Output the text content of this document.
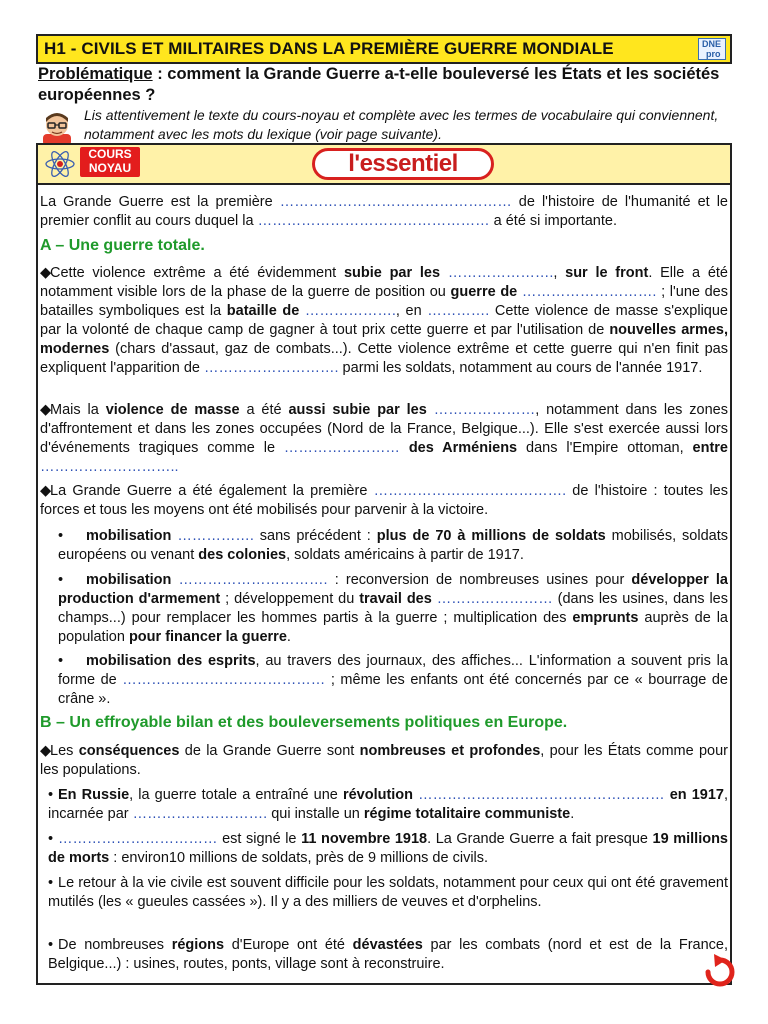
H1 - CIVILS ET MILITAIRES DANS LA PREMIÈRE GUERRE MONDIALE	DNE
pro
Problématique : comment la Grande Guerre a-t-elle bouleversé les États et les sociétés européennes ?
Lis attentivement le texte du cours-noyau et complète avec les termes de vocabulaire qui conviennent, notamment avec les mots du lexique (voir page suivante).
COURS
NOYAU	l'essentiel
La Grande Guerre est la première ………………………………………… de l'histoire de l'humanité et le premier conflit au cours duquel la ………………………………………… a été si importante.
A – Une guerre totale.
◆Cette violence extrême a été évidemment subie par les …………………., sur le front. Elle a été notamment visible lors de la phase de la guerre de position ou guerre de ………………………. ; l'une des batailles symboliques est la bataille de ………………., en …………. Cette violence de masse s'explique par la volonté de chaque camp de gagner à tout prix cette guerre et par l'utilisation de nouvelles armes, modernes (chars d'assaut, gaz de combats...). Cette violence extrême et cette guerre qui n'en finit pas expliquent l'apparition de ………………………. parmi les soldats, notamment au cours de l'année 1917.
◆Mais la violence de masse a été aussi subie par les …………………, notamment dans les zones d'affrontement et dans les zones occupées (Nord de la France, Belgique...). Elle s'est exercée aussi lors d'événements tragiques comme le …………………… des Arméniens dans l'Empire ottoman, entre ………………………..
◆La Grande Guerre a été également la première …………………………………. de l'histoire : toutes les forces et tous les moyens ont été mobilisés pour parvenir à la victoire.
• mobilisation ……………. sans précédent : plus de 70 à millions de soldats mobilisés, soldats européens ou venant des colonies, soldats américains à partir de 1917.
• mobilisation …………………………. : reconversion de nombreuses usines pour développer la production d'armement ; développement du travail des …………………… (dans les usines, dans les champs...) pour remplacer les hommes partis à la guerre ; multiplication des emprunts auprès de la population pour financer la guerre.
• mobilisation des esprits, au travers des journaux, des affiches... L'information a souvent pris la forme de …………………………………… ; même les enfants ont été concernés par ce « bourrage de crâne ».
B – Un effroyable bilan et des bouleversements politiques en Europe.
◆Les conséquences de la Grande Guerre sont nombreuses et profondes, pour les États comme pour les populations.
• En Russie, la guerre totale a entraîné une révolution …………………………………………… en 1917, incarnée par ………………………. qui installe un régime totalitaire communiste.
• …………………………… est signé le 11 novembre 1918. La Grande Guerre a fait presque 19 millions de morts : environ10 millions de soldats, près de 9 millions de civils.
• Le retour à la vie civile est souvent difficile pour les soldats, notamment pour ceux qui ont été gravement mutilés (les « gueules cassées »). Il y a des milliers de veuves et d'orphelins.
• De nombreuses régions d'Europe ont été dévastées par les combats (nord et est de la France, Belgique...) : usines, routes, ponts, village sont à reconstruire.
